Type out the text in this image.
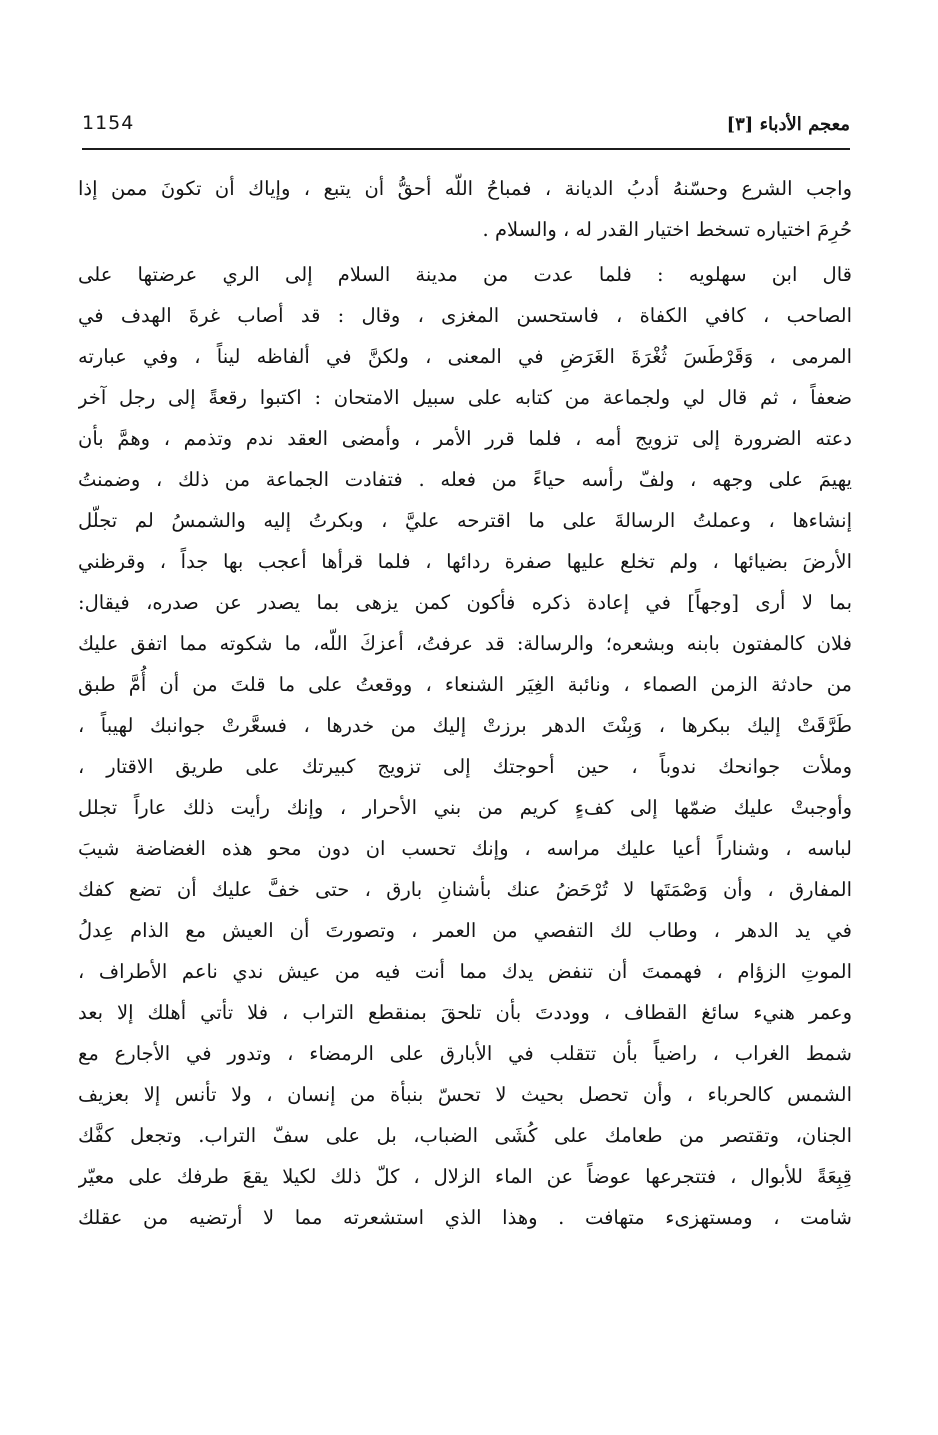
معجم الأدباء [٣]
1154
واجب الشرع وحسّنهُ أدبُ الديانة ، فمباحُ اللّه أحقُّ أن يتبع ، وإياك أن تكونَ ممن إذا
حُرِمَ اختياره تسخط اختيار القدر له ، والسلام .
قال ابن سهلويه : فلما عدت من مدينة السلام إلى الري عرضتها على
الصاحب ، كافي الكفاة ، فاستحسن المغزى ، وقال : قد أصاب غرةَ الهدف في
المرمى ، وَقَرْطَسَ ثُغْرَةَ الغَرَضِ في المعنى ، ولكنَّ في ألفاظه ليناً ، وفي عبارته
ضعفاً ، ثم قال لي ولجماعة من كتابه على سبيل الامتحان : اكتبوا رقعةً إلى رجل آخر
دعته الضرورة إلى تزويج أمه ، فلما قرر الأمر ، وأمضى العقد ندم وتذمم ، وهمَّ بأن
يهيمَ على وجهه ، ولفّ رأسه حياءً من فعله . فتفادت الجماعة من ذلك ، وضمنتُ
إنشاءها ، وعملتُ الرسالةَ على ما اقترحه عليَّ ، وبكرتُ إليه والشمسُ لم تجلّل
الأرضَ بضيائها ، ولم تخلع عليها صفرة ردائها ، فلما قرأها أعجب بها جداً ، وقرظني
بما لا أرى [وجهاً] في إعادة ذكره فأكون كمن يزهى بما يصدر عن صدره، فيقال:
فلان كالمفتون بابنه وبشعره؛ والرسالة: قد عرفتُ، أعزكَ اللّه، ما شكوته مما اتفق عليك
من حادثة الزمن الصماء ، ونائبة الغِيَر الشنعاء ، ووقعتُ على ما قلتَ من أن أُمَّ طبق
طَرَّقَتْ إليك ببكرها ، وَبِنْتَ الدهر برزتْ إليك من خدرها ، فسعَّرتْ جوانبك لهيباً ،
وملأت جوانحك ندوباً ، حين أحوجتك إلى تزويج كبيرتك على طريق الاقتار ،
وأوجبتْ عليك ضمّها إلى كفءٍ كريم من بني الأحرار ، وإنك رأيت ذلك عاراً تجلل
لباسه ، وشناراً أعيا عليك مراسه ، وإنك تحسب ان دون محو هذه الغضاضة شيبَ
المفارق ، وأن وَصْمَتَها لا تُرْحَضُ عنك بأشنانِ بارق ، حتى خفَّ عليك أن تضع كفك
في يد الدهر ، وطاب لك التفصي من العمر ، وتصورتَ أن العيش مع الذام عِدلُ
الموتِ الزؤام ، فهممتَ أن تنفض يدك مما أنت فيه من عيش ندي ناعم الأطراف ،
وعمر هنيء سائغ القطاف ، ووددتَ بأن تلحقَ بمنقطع التراب ، فلا تأتي أهلك إلا بعد
شمط الغراب ، راضياً بأن تتقلب في الأبارق على الرمضاء ، وتدور في الأجارع مع
الشمس كالحرباء ، وأن تحصل بحيث لا تحسّ بنبأة من إنسان ، ولا تأنس إلا بعزيف
الجنان، وتقتصر من طعامك على كُشَى الضباب، بل على سفّ التراب. وتجعل كفَّك
قِبِعَةً للأبوال ، فتتجرعها عوضاً عن الماء الزلال ، كلّ ذلك لكيلا يقعَ طرفك على معيّر
شامت ، ومستهزىء متهافت . وهذا الذي استشعرته مما لا أرتضيه من عقلك
